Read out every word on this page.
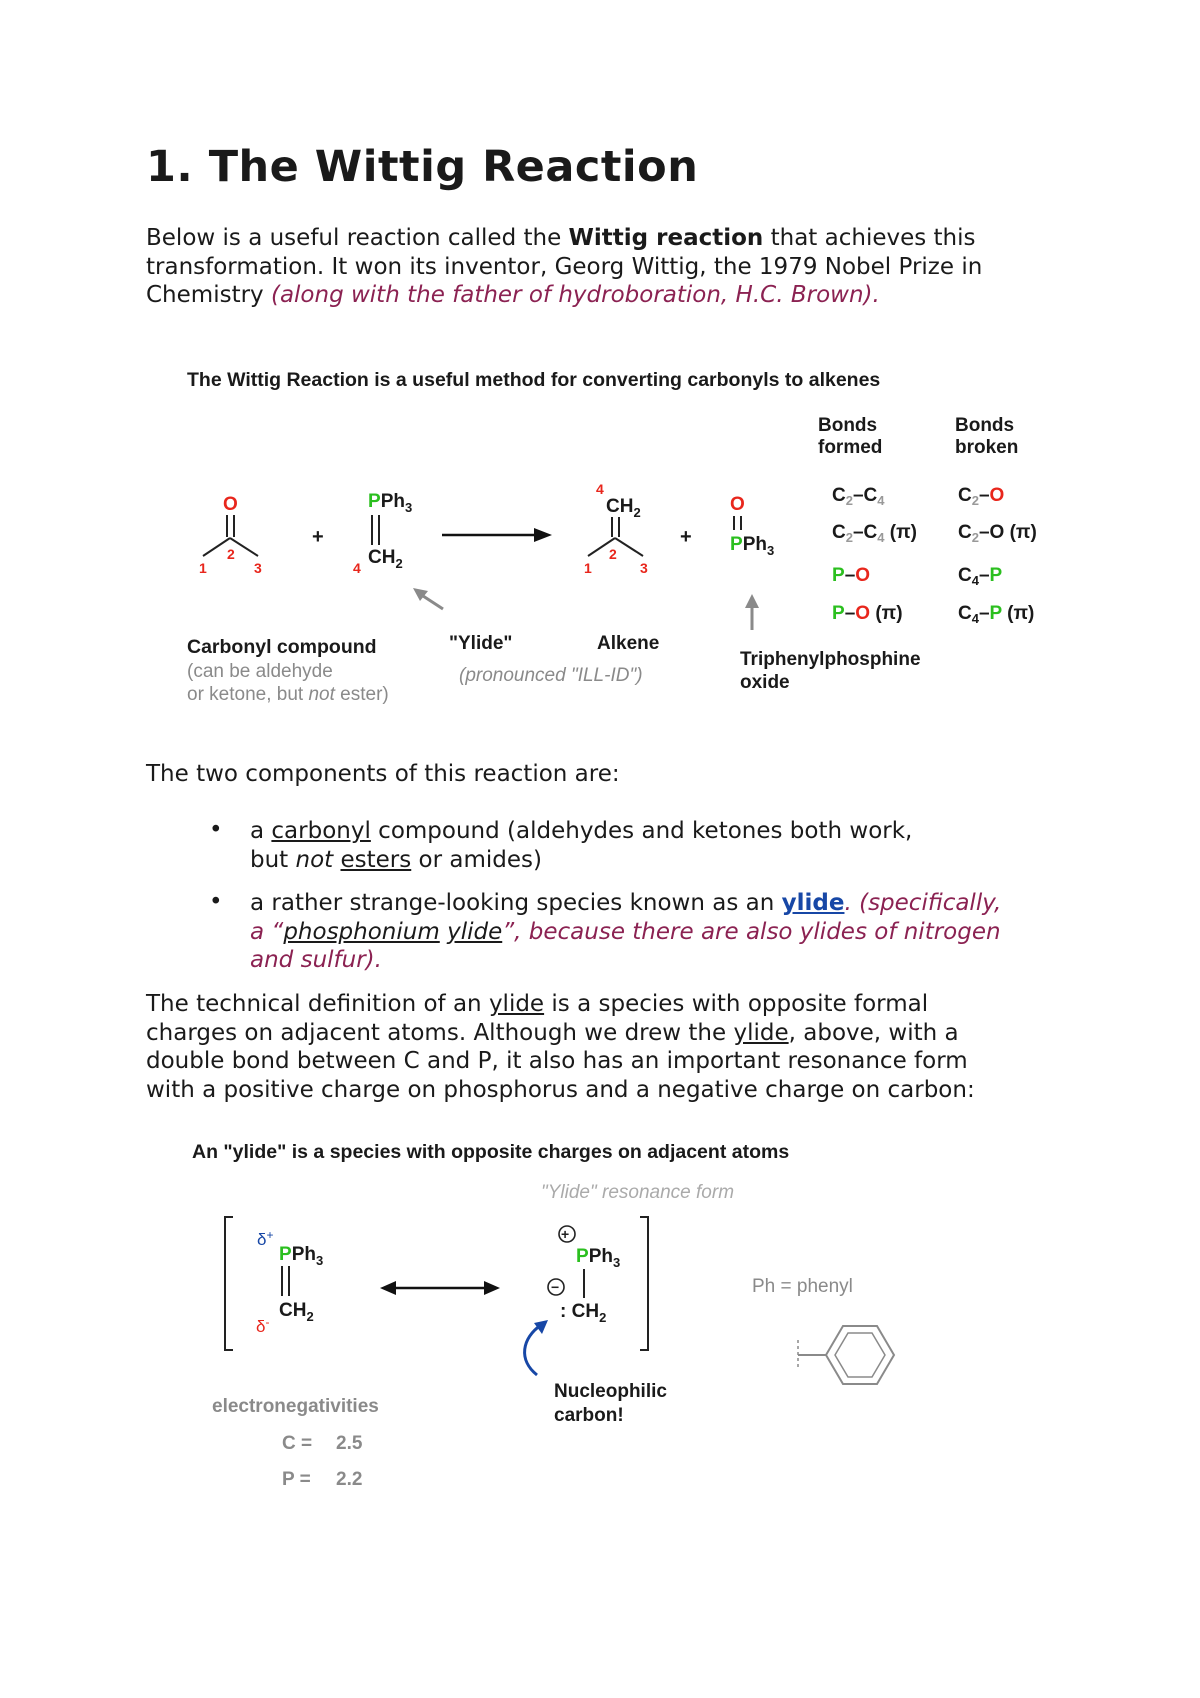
1. The Wittig Reaction
Below is a useful reaction called the Wittig reaction that achieves this
transformation. It won its inventor, Georg Wittig, the 1979 Nobel Prize in
Chemistry (along with the father of hydroboration, H.C. Brown).
The Wittig Reaction is a useful method for converting carbonyls to alkenes
O
2
1	3
+
PPh$_3$
$CH_2$
4
4
$CH_2$
2
1	3
+
O
PPh$_3$
Bonds
formed
Bonds
broken
$C_2-C_4$
$C_2-C_4$ (π)
P–O
P–O (π)
$C_2-O$
$C_2-O$ (π)
$C_4-P$
$C_4-P$ (π)
Carbonyl compound
(can be aldehyde
or ketone, but not ester)
"Ylide"
(pronounced "ILL-ID")
Alkene
Triphenylphosphine
oxide
The two components of this reaction are:
• a carbonyl compound (aldehydes and ketones both work,
but not esters or amides)
• a rather strange-looking species known as an ylide. (specifically,
a “phosphonium ylide”, because there are also ylides of nitrogen
and sulfur).
The technical definition of an ylide is a species with opposite formal
charges on adjacent atoms. Although we drew the ylide, above, with a
double bond between C and P, it also has an important resonance form
with a positive charge on phosphorus and a negative charge on carbon:
An "ylide" is a species with opposite charges on adjacent atoms
"Ylide" resonance form
δ+
PPh$_3$
$CH_2$
δ-
+
PPh$_3$
−
: $CH_2$
Nucleophilic
carbon!
Ph = phenyl
electronegativities
C = 2.5
P = 2.2
